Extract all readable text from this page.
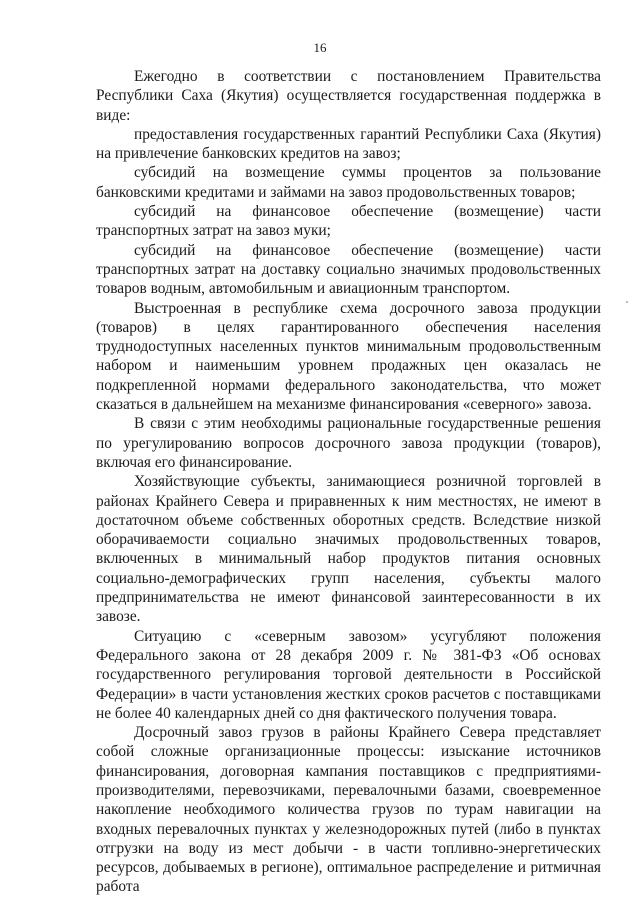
16

Ежегодно в соответствии с постановлением Правительства Республики Саха (Якутия) осуществляется государственная поддержка в виде:

предоставления государственных гарантий Республики Саха (Якутия) на привлечение банковских кредитов на завоз;

субсидий на возмещение суммы процентов за пользование банковскими кредитами и займами на завоз продовольственных товаров;

субсидий на финансовое обеспечение (возмещение) части транспортных затрат на завоз муки;

субсидий на финансовое обеспечение (возмещение) части транспортных затрат на доставку социально значимых продовольственных товаров водным, автомобильным и авиационным транспортом.

Выстроенная в республике схема досрочного завоза продукции (товаров) в целях гарантированного обеспечения населения труднодоступных населенных пунктов минимальным продовольственным набором и наименьшим уровнем продажных цен оказалась не подкрепленной нормами федерального законодательства, что может сказаться в дальнейшем на механизме финансирования «северного» завоза.

В связи с этим необходимы рациональные государственные решения по урегулированию вопросов досрочного завоза продукции (товаров), включая его финансирование.

Хозяйствующие субъекты, занимающиеся розничной торговлей в районах Крайнего Севера и приравненных к ним местностях, не имеют в достаточном объеме собственных оборотных средств. Вследствие низкой оборачиваемости социально значимых продовольственных товаров, включенных в минимальный набор продуктов питания основных социально-демографических групп населения, субъекты малого предпринимательства не имеют финансовой заинтересованности в их завозе.

Ситуацию с «северным завозом» усугубляют положения Федерального закона от 28 декабря 2009 г. № 381-ФЗ «Об основах государственного регулирования торговой деятельности в Российской Федерации» в части установления жестких сроков расчетов с поставщиками не более 40 календарных дней со дня фактического получения товара.

Досрочный завоз грузов в районы Крайнего Севера представляет собой сложные организационные процессы: изыскание источников финансирования, договорная кампания поставщиков с предприятиями-производителями, перевозчиками, перевалочными базами, своевременное накопление необходимого количества грузов по турам навигации на входных перевалочных пунктах у железнодорожных путей (либо в пунктах отгрузки на воду из мест добычи - в части топливно-энергетических ресурсов, добываемых в регионе), оптимальное распределение и ритмичная работа
